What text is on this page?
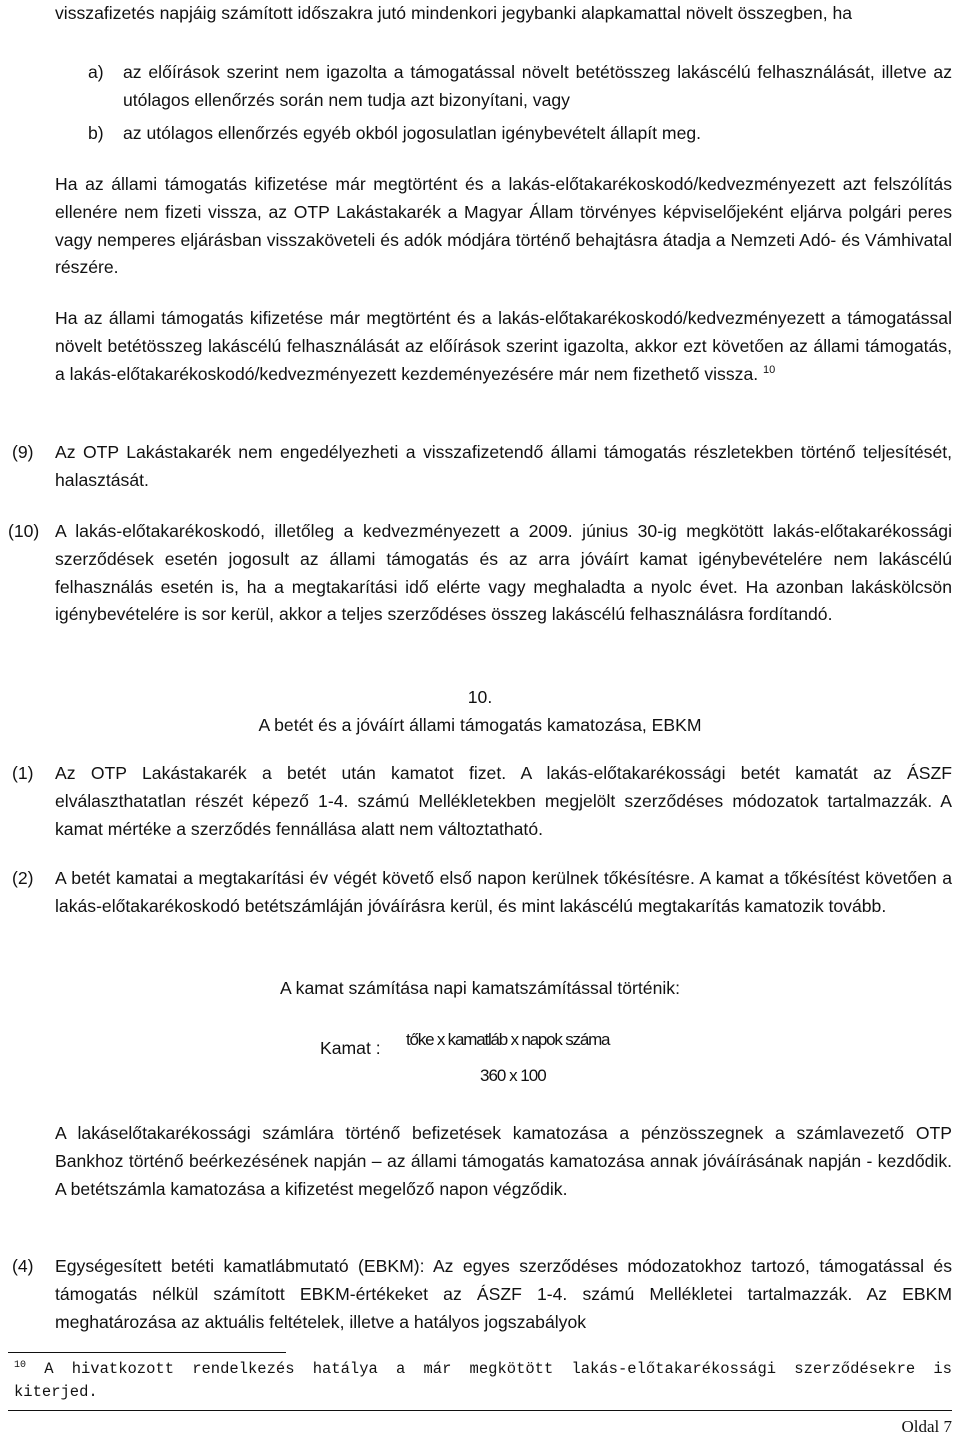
visszafizetés napjáig számított időszakra jutó mindenkori jegybanki alapkamattal növelt összegben, ha

a) az előírások szerint nem igazolta a támogatással növelt betétösszeg lakáscélú felhasználását, illetve az utólagos ellenőrzés során nem tudja azt bizonyítani, vagy
b) az utólagos ellenőrzés egyéb okból jogosulatlan igénybevételt állapít meg.

Ha az állami támogatás kifizetése már megtörtént és a lakás-előtakarékoskodó/kedvezményezett azt felszólítás ellenére nem fizeti vissza, az OTP Lakástakarék a Magyar Állam törvényes képviselőjeként eljárva polgári peres vagy nemperes eljárásban visszaköveteli és adók módjára történő behajtásra átadja a Nemzeti Adó- és Vámhivatal részére.

Ha az állami támogatás kifizetése már megtörtént és a lakás-előtakarékoskodó/kedvezményezett a támogatással növelt betétösszeg lakáscélú felhasználását az előírások szerint igazolta, akkor ezt követően az állami támogatás, a lakás-előtakarékoskodó/kedvezményezett kezdeményezésére már nem fizethető vissza. $^{10}$

(9) Az OTP Lakástakarék nem engedélyezheti a visszafizetendő állami támogatás részletekben történő teljesítését, halasztását.
(10) A lakás-előtakarékoskodó, illetőleg a kedvezményezett a 2009. június 30-ig megkötött lakás-előtakarékossági szerződések esetén jogosult az állami támogatás és az arra jóváírt kamat igénybevételére nem lakáscélú felhasználás esetén is, ha a megtakarítási idő elérte vagy meghaladta a nyolc évet. Ha azonban lakáskölcsön igénybevételére is sor kerül, akkor a teljes szerződéses összeg lakáscélú felhasználásra fordítandó.

10.

A betét és a jóváírt állami támogatás kamatozása, EBKM

(1) Az OTP Lakástakarék a betét után kamatot fizet. A lakás-előtakarékossági betét kamatát az ÁSZF elválaszthatatlan részét képező 1-4. számú Mellékletekben megjelölt szerződéses módozatok tartalmazzák. A kamat mértéke a szerződés fennállása alatt nem változtatható.
(2) A betét kamatai a megtakarítási év végét követő első napon kerülnek tőkésítésre. A kamat a tőkésítést követően a lakás-előtakarékoskodó betétszámláján jóváírásra kerül, és mint lakáscélú megtakarítás kamatozik tovább.

A kamat számítása napi kamatszámítással történik:

Kamat : tőke x kamatláb x napok száma
360 x 100

A lakáselőtakarékossági számlára történő befizetések kamatozása a pénzösszegnek a számlavezető OTP Bankhoz történő beérkezésének napján – az állami támogatás kamatozása annak jóváírásának napján - kezdődik. A betétszámla kamatozása a kifizetést megelőző napon végződik.

(4) Egységesített betéti kamatlábmutató (EBKM): Az egyes szerződéses módozatokhoz tartozó, támogatással és támogatás nélkül számított EBKM-értékeket az ÁSZF 1-4. számú Mellékletei tartalmazzák. Az EBKM meghatározása az aktuális feltételek, illetve a hatályos jogszabályok

$^{10}$ A hivatkozott rendelkezés hatálya a már megkötött lakás-előtakarékossági szerződésekre is kiterjed.

Oldal 7
